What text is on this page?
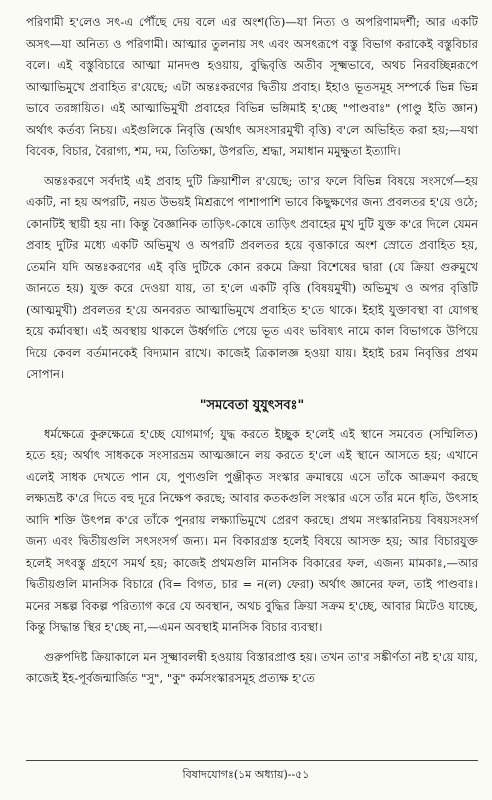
পরিণামী হ'লেও সৎ-এ পৌঁছে দেয় বলে এর অংশ(তি)—যা নিত্য ও অপরিণামদর্শী; আর একটি অসৎ—যা অনিত্য ও পরিণামী। আত্মার তুলনায় সৎ এবং অসৎরূপে বস্তু বিভাগ করাকেই বস্তুবিচার বলে। এই বস্তুবিচারে আত্মা মানদণ্ড হওয়ায়, বুদ্ধিবৃত্তি অতীব সূক্ষ্মভাবে, অথচ নিরবচ্ছিন্নরূপে আত্মাভিমুখে প্রবাহিত র'য়েছে; এটা অন্তঃকরণের দ্বিতীয় প্রবাহ। ইহাও ভূতসমূহ সম্পর্কে ভিন্ন ভিন্ন ভাবে তরঙ্গায়িত। এই আত্মাভিমুখী প্রবাহের বিভিন্ন ভঙ্গিমাই হ'চ্ছে "পাণ্ডবাঃ" (পাণ্ডু ইতি জ্ঞান) অর্থাৎ কর্তব্য নিচয়। এইগুলিকে নিবৃত্তি (অর্থাৎ অসংসারমুখী বৃত্তি) ব'লে অভিহিত করা হয়;—যথা বিবেক, বিচার, বৈরাগ্য, শম, দম, তিতিক্ষা, উপরতি, শ্রদ্ধা, সমাধান মমুক্ষুতা ইত্যাদি।

অন্তঃকরণে সর্বদাই এই প্রবাহ দুটি ক্রিয়াশীল র'য়েছে; তা'র ফলে বিভিন্ন বিষয়ে সংসর্গে—হয় একটি, না হয় অপরটি, নয়ত উভয়ই মিশ্ররূপে পাশাপাশি ভাবে কিছুক্ষণের জন্য প্রবলতর হ'য়ে ওঠে; কোনটিই স্থায়ী হয় না। কিন্তু বৈজ্ঞানিক তাড়িৎ-কোষে তাড়িৎ প্রবাহের মুখ দুটি যুক্ত ক'রে দিলে যেমন প্রবাহ দুটির মধ্যে একটি অভিমুখ ও অপরটি প্রবলতর হয়ে বৃত্তাকারে অংশ স্রোতে প্রবাহিত হয়, তেমনি যদি অন্তঃকরণের এই বৃত্তি দুটিকে কোন রকমে ক্রিয়া বিশেষের দ্বারা (যে ক্রিয়া গুরুমুখে জানতে হয়) যুক্ত করে দেওয়া যায়, তা হ'লে একটি বৃত্তি (বিষয়মুখী) অভিমুখ ও অপর বৃত্তিটি (আত্মমুখী) প্রবলতর হ'য়ে অনবরত আত্মাভিমুখে প্রবাহিত হ'তে থাকে। ইহাই যুক্তাবস্থা বা যোগস্থ হয়ে কর্মাবস্থা। এই অবস্থায় থাকলে উর্ধ্বগতি পেয়ে ভূত এবং ভবিষ্যৎ নামে কাল বিভাগকে উপিয়ে দিয়ে কেবল বর্তমানকেই বিদ্যমান রাখে। কাজেই ত্রিকালজ্ঞ হওয়া যায়। ইহাই চরম নিবৃত্তির প্রথম সোপান।

"সমবেতা যুযুৎসবঃ"

ধর্মক্ষেত্রে কুরুক্ষেত্রে হ'চ্ছে যোগমার্গ; যুদ্ধ করতে ইচ্ছুক হ'লেই এই স্থানে সমবেত (সম্মিলিত) হতে হয়; অর্থাৎ সাধককে সংসারভ্রম আত্মজ্ঞানে লয় করতে হ'লে এই স্থানে আসতে হয়; এখানে এলেই সাধক দেখতে পান যে, পুণ্যগুলি পুঞ্জীকৃত সংস্কার ক্রমান্বয়ে এসে তাঁকে আক্রমণ করছে লক্ষ্যভ্রষ্ট ক'রে দিতে বহু দূরে নিক্ষেপ করছে; আবার কতকগুলি সংস্কার এসে তাঁর মনে ধৃতি, উৎসাহ আদি শক্তি উৎপন্ন ক'রে তাঁকে পুনরায় লক্ষ্যাভিমুখে প্রেরণ করছে। প্রথম সংস্কারনিচয় বিষয়সংসর্গ জন্য এবং দ্বিতীয়গুলি সৎসংসর্গ জন্য। মন বিকারগ্রস্ত হলেই বিষয়ে আসক্ত হয়; আর বিচারযুক্ত হলেই সৎবস্তু গ্রহণে সমর্থ হয়; কাজেই প্রথমগুলি মানসিক বিকারের ফল, এজন্য মামকাঃ,—আর দ্বিতীয়গুলি মানসিক বিচারে (বি= বিগত, চার = ন(ল) ফেরা) অর্থাৎ জ্ঞানের ফল, তাই পাণ্ডবাঃ। মনের সঙ্কল্প বিকল্প পরিত্যাগ করে যে অবস্থান, অথচ বুদ্ধির ক্রিয়া সক্রম হ'চ্ছে, আবার মিটেও যাচ্ছে, কিন্তু সিদ্ধান্ত স্থির হ'চ্ছে না,—এমন অবস্থাই মানসিক বিচার ব্যবস্থা।

গুরুপদিষ্ট ক্রিয়াকালে মন সূক্ষ্মাবলম্বী হওয়ায় বিস্তারপ্রাপ্ত হয়। তখন তা'র সঙ্কীর্ণতা নষ্ট হ'য়ে যায়, কাজেই ইহ-পূর্বজন্মার্জিত "সু", "কু" কর্মসংস্কারসমূহ প্রত্যক্ষ হ'তে

বিষাদযোগঃ(১ম অধ্যায়)--৫১
